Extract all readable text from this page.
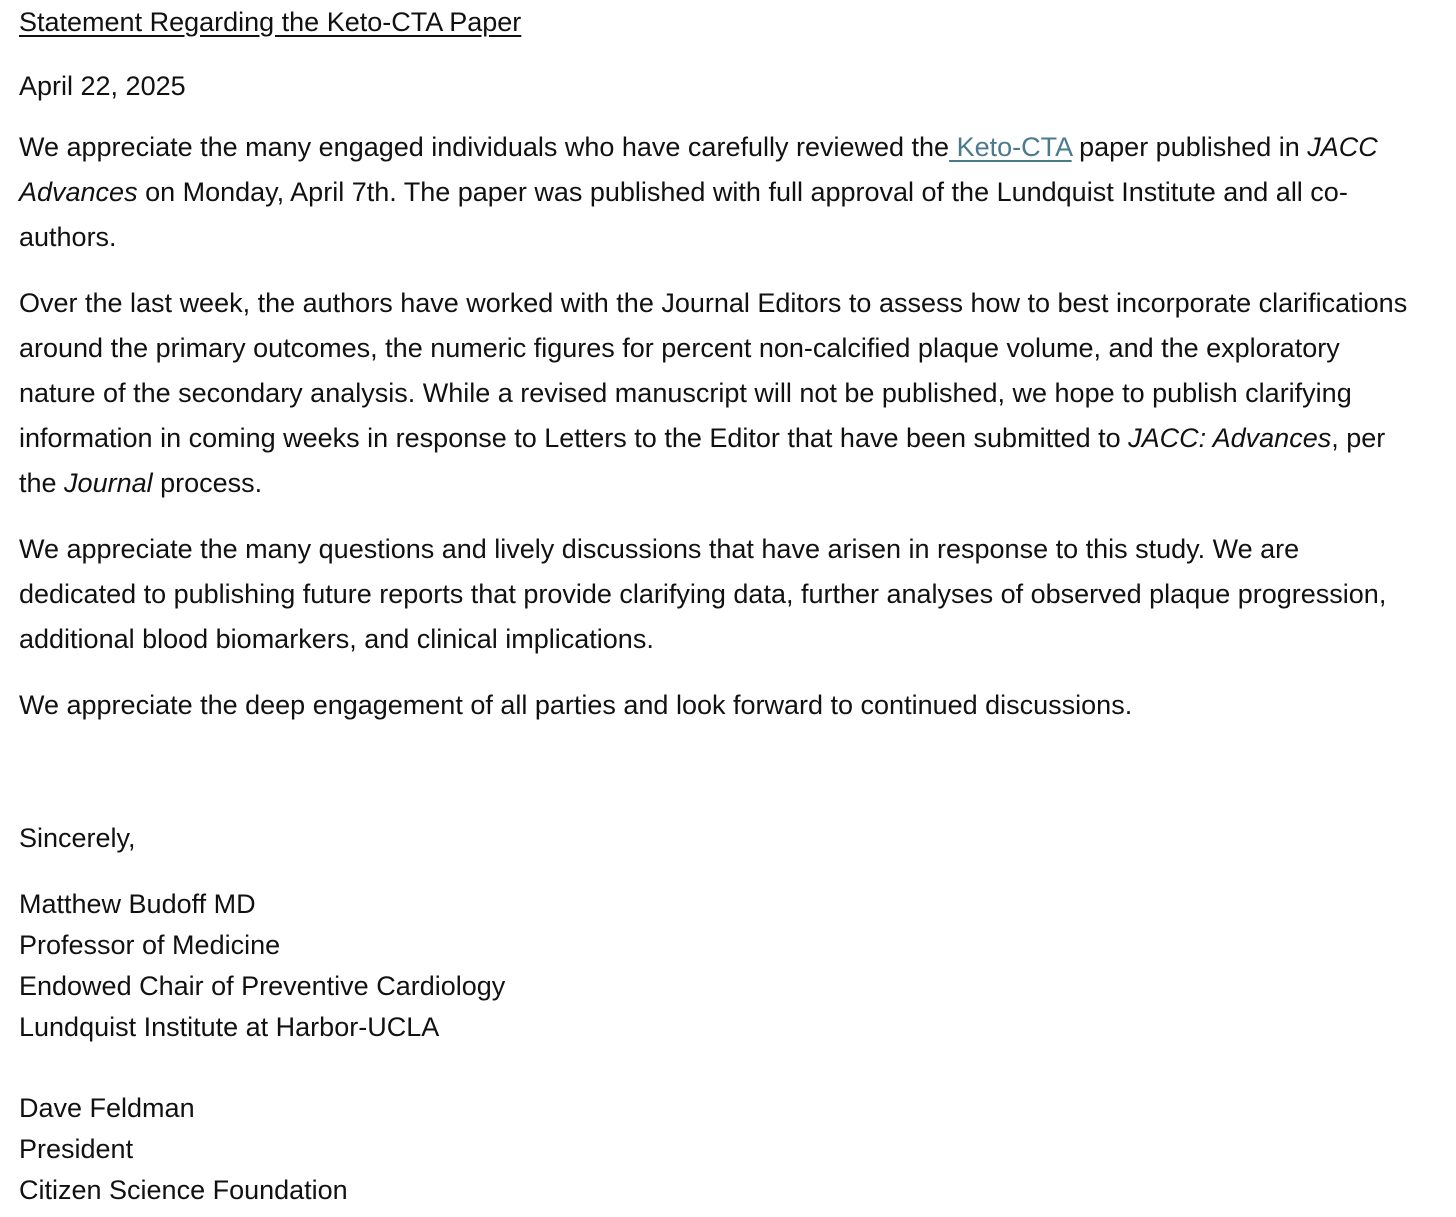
Statement Regarding the Keto-CTA Paper

April 22, 2025

We appreciate the many engaged individuals who have carefully reviewed the Keto-CTA paper published in JACC Advances on Monday, April 7th. The paper was published with full approval of the Lundquist Institute and all co-authors.

Over the last week, the authors have worked with the Journal Editors to assess how to best incorporate clarifications around the primary outcomes, the numeric figures for percent non-calcified plaque volume, and the exploratory nature of the secondary analysis. While a revised manuscript will not be published, we hope to publish clarifying information in coming weeks in response to Letters to the Editor that have been submitted to JACC: Advances, per the Journal process.

We appreciate the many questions and lively discussions that have arisen in response to this study. We are dedicated to publishing future reports that provide clarifying data, further analyses of observed plaque progression, additional blood biomarkers, and clinical implications.

We appreciate the deep engagement of all parties and look forward to continued discussions.

Sincerely,

Matthew Budoff MD
Professor of Medicine
Endowed Chair of Preventive Cardiology
Lundquist Institute at Harbor-UCLA
Dave Feldman
President
Citizen Science Foundation
